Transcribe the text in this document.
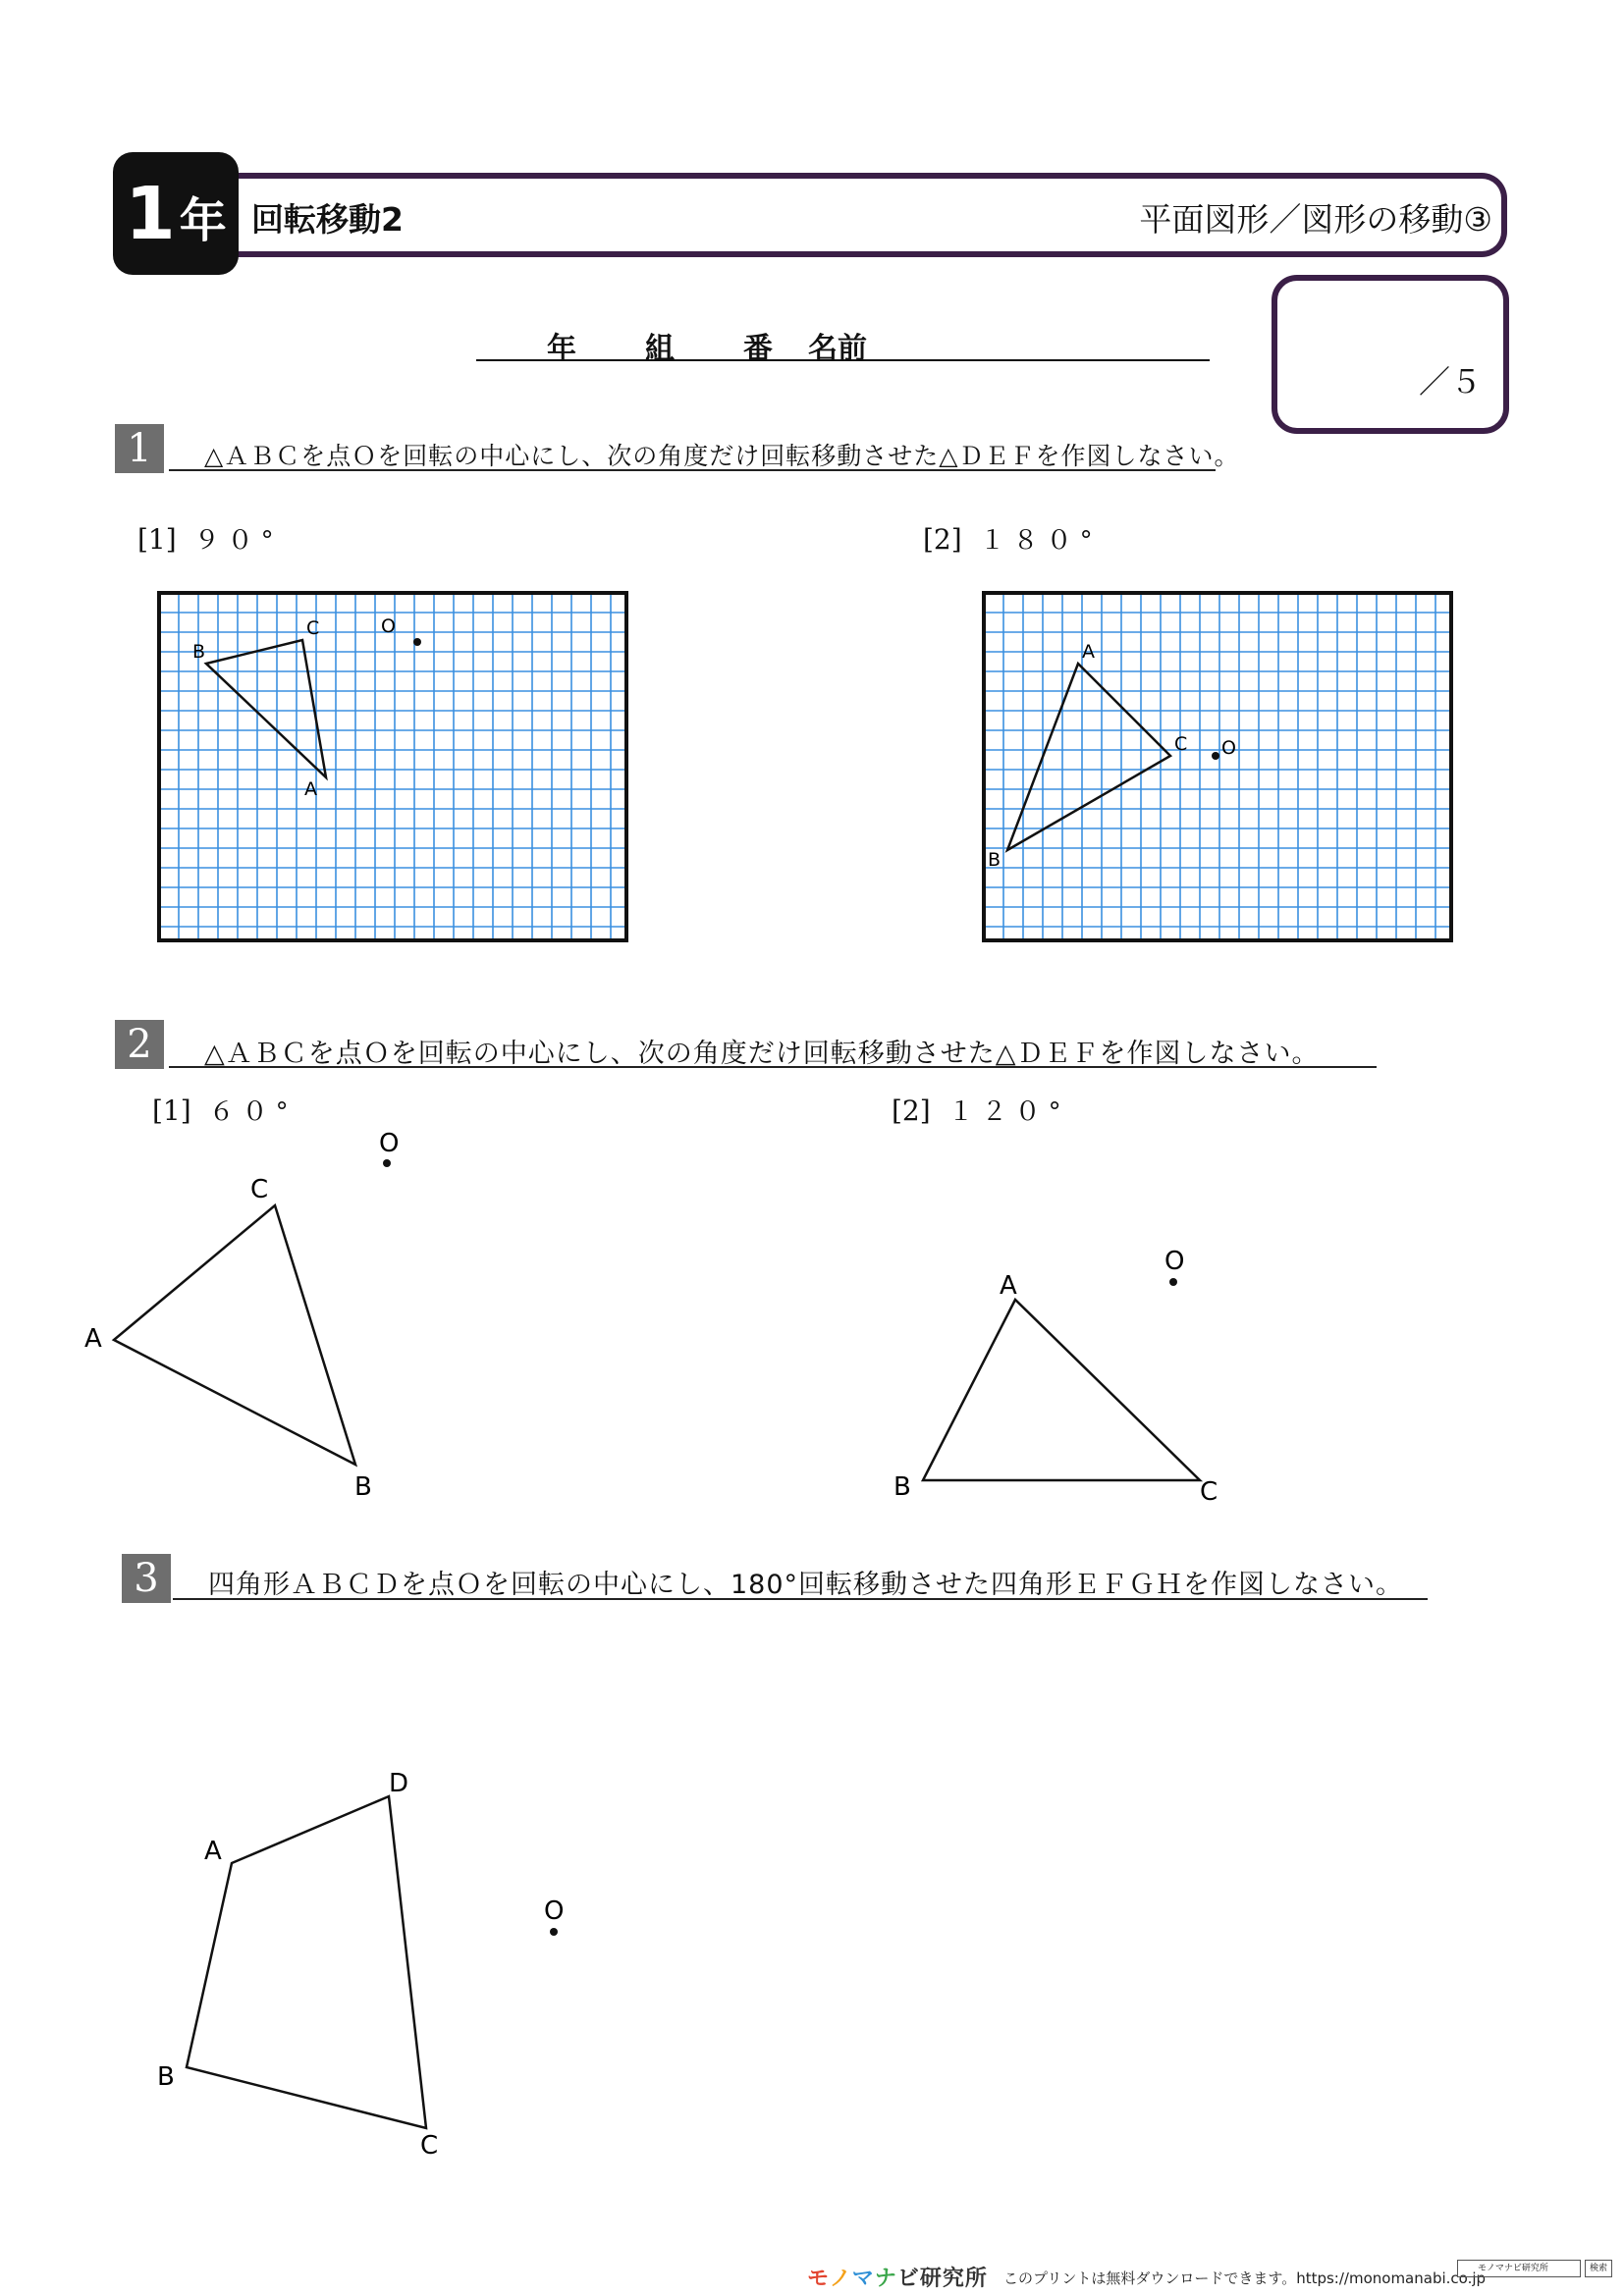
1 年 回転移動2	平面図形／図形の移動③
年 組 番 名前
／５
1	△ＡＢＣを点Ｏを回転の中心にし、次の角度だけ回転移動させた△ＤＥＦを作図しなさい。
[1] ９０°	[2] １８０°
B
C
A
O
A
C O
B
2	△ＡＢＣを点Ｏを回転の中心にし、次の角度だけ回転移動させた△ＤＥＦを作図しなさい。
[1] ６０°	[2] １２０°
O
C
A
B
O
A
B	C
3	四角形ＡＢＣＤを点Ｏを回転の中心にし、180°回転移動させた四角形ＥＦＧＨを作図しなさい。
O
A
D
B
C
モノマナビ研究所 このプリントは無料ダウンロードできます。https://monomanabi.co.jp
モノマナビ研究所	検索
